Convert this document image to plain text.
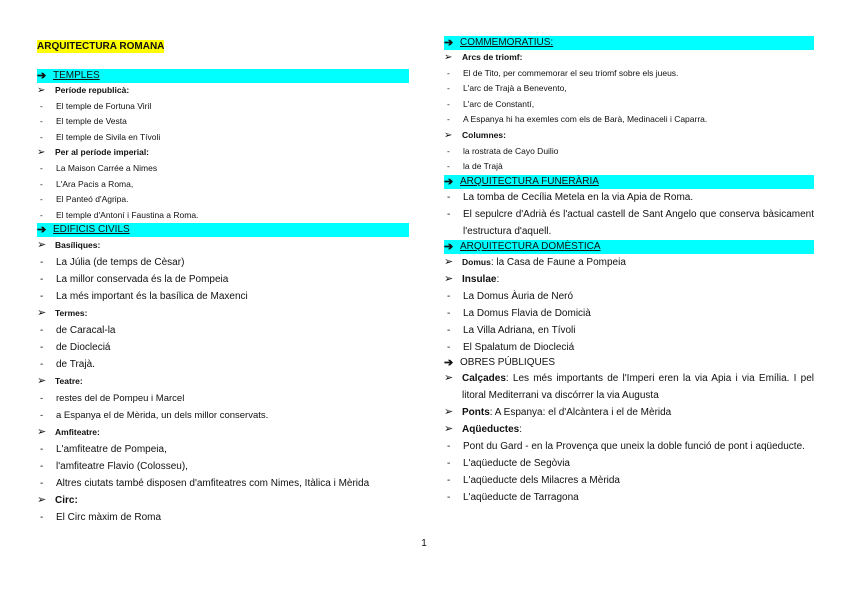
ARQUITECTURA ROMANA
➔ TEMPLES
➢	Període republicà:
-	El temple de Fortuna Viril
-	El temple de Vesta
-	El temple de Sivila en Tívoli
➢	Per al període imperial:
-	La Maison Carrée a Nimes
-	L'Ara Pacis a Roma,
-	El Panteó d'Agripa.
-	El temple d'Antoní i Faustina a Roma.
➔ EDIFICIS CIVILS
➢	Basíliques:
-	La Júlia (de temps de Cèsar)
-	La millor conservada és la de Pompeia
-	La més important és la basílica de Maxenci
➢	Termes:
-	de Caracal-la
-	de Diocleciá
-	de Trajà.
➢	Teatre:
-	restes del de Pompeu i Marcel
-	a Espanya el de Mèrida, un dels millor conservats.
➢	Amfiteatre:
-	L'amfiteatre de Pompeia,
-	l'amfiteatre Flavio (Colosseu),
-	Altres ciutats també disposen d'amfiteatres com Nimes, Itàlica i Mèrida
➢ Circ:
-	El Circ màxim de Roma
➔ COMMEMORATIUS:
➢	Arcs de triomf:
-	El de Tito, per commemorar el seu triomf sobre els jueus.
-	L'arc de Trajà a Benevento,
-	L'arc de Constantí,
-	A Espanya hi ha exemles com els de Barà, Medinaceli i Caparra.
➢	Columnes:
-	la rostrata de Cayo Duilio
-	la de Trajà
➔ ARQUITECTURA FUNERÀRIA
-	La tomba de Cecília Metela en la via Apia de Roma.
-	El sepulcre d'Adrià és l'actual castell de Sant Angelo que conserva bàsicament l'estructura d'aquell.
➔ ARQUITECTURA DOMÈSTICA
➢	Domus: la Casa de Faune a Pompeia
➢ Insulae:
-	La Domus Àuria de Neró
-	La Domus Flavia de Domicià
-	La Villa Adriana, en Tívoli
-	El Spalatum de Diocleciá
➔ OBRES PÚBLIQUES
➢ Calçades: Les més importants de l'Imperi eren la via Apia i via Emília. I pel litoral Mediterrani va discórrer la via Augusta
➢ Ponts: A Espanya: el d'Alcàntera i el de Mèrida
➢ Aqüeductes:
-	Pont du Gard - en la Provença que uneix la doble funció de pont i aqüeducte.
-	L'aqüeducte de Segòvia
-	L'aqüeducte dels Milacres a Mèrida
-	L'aqüeducte de Tarragona
1
